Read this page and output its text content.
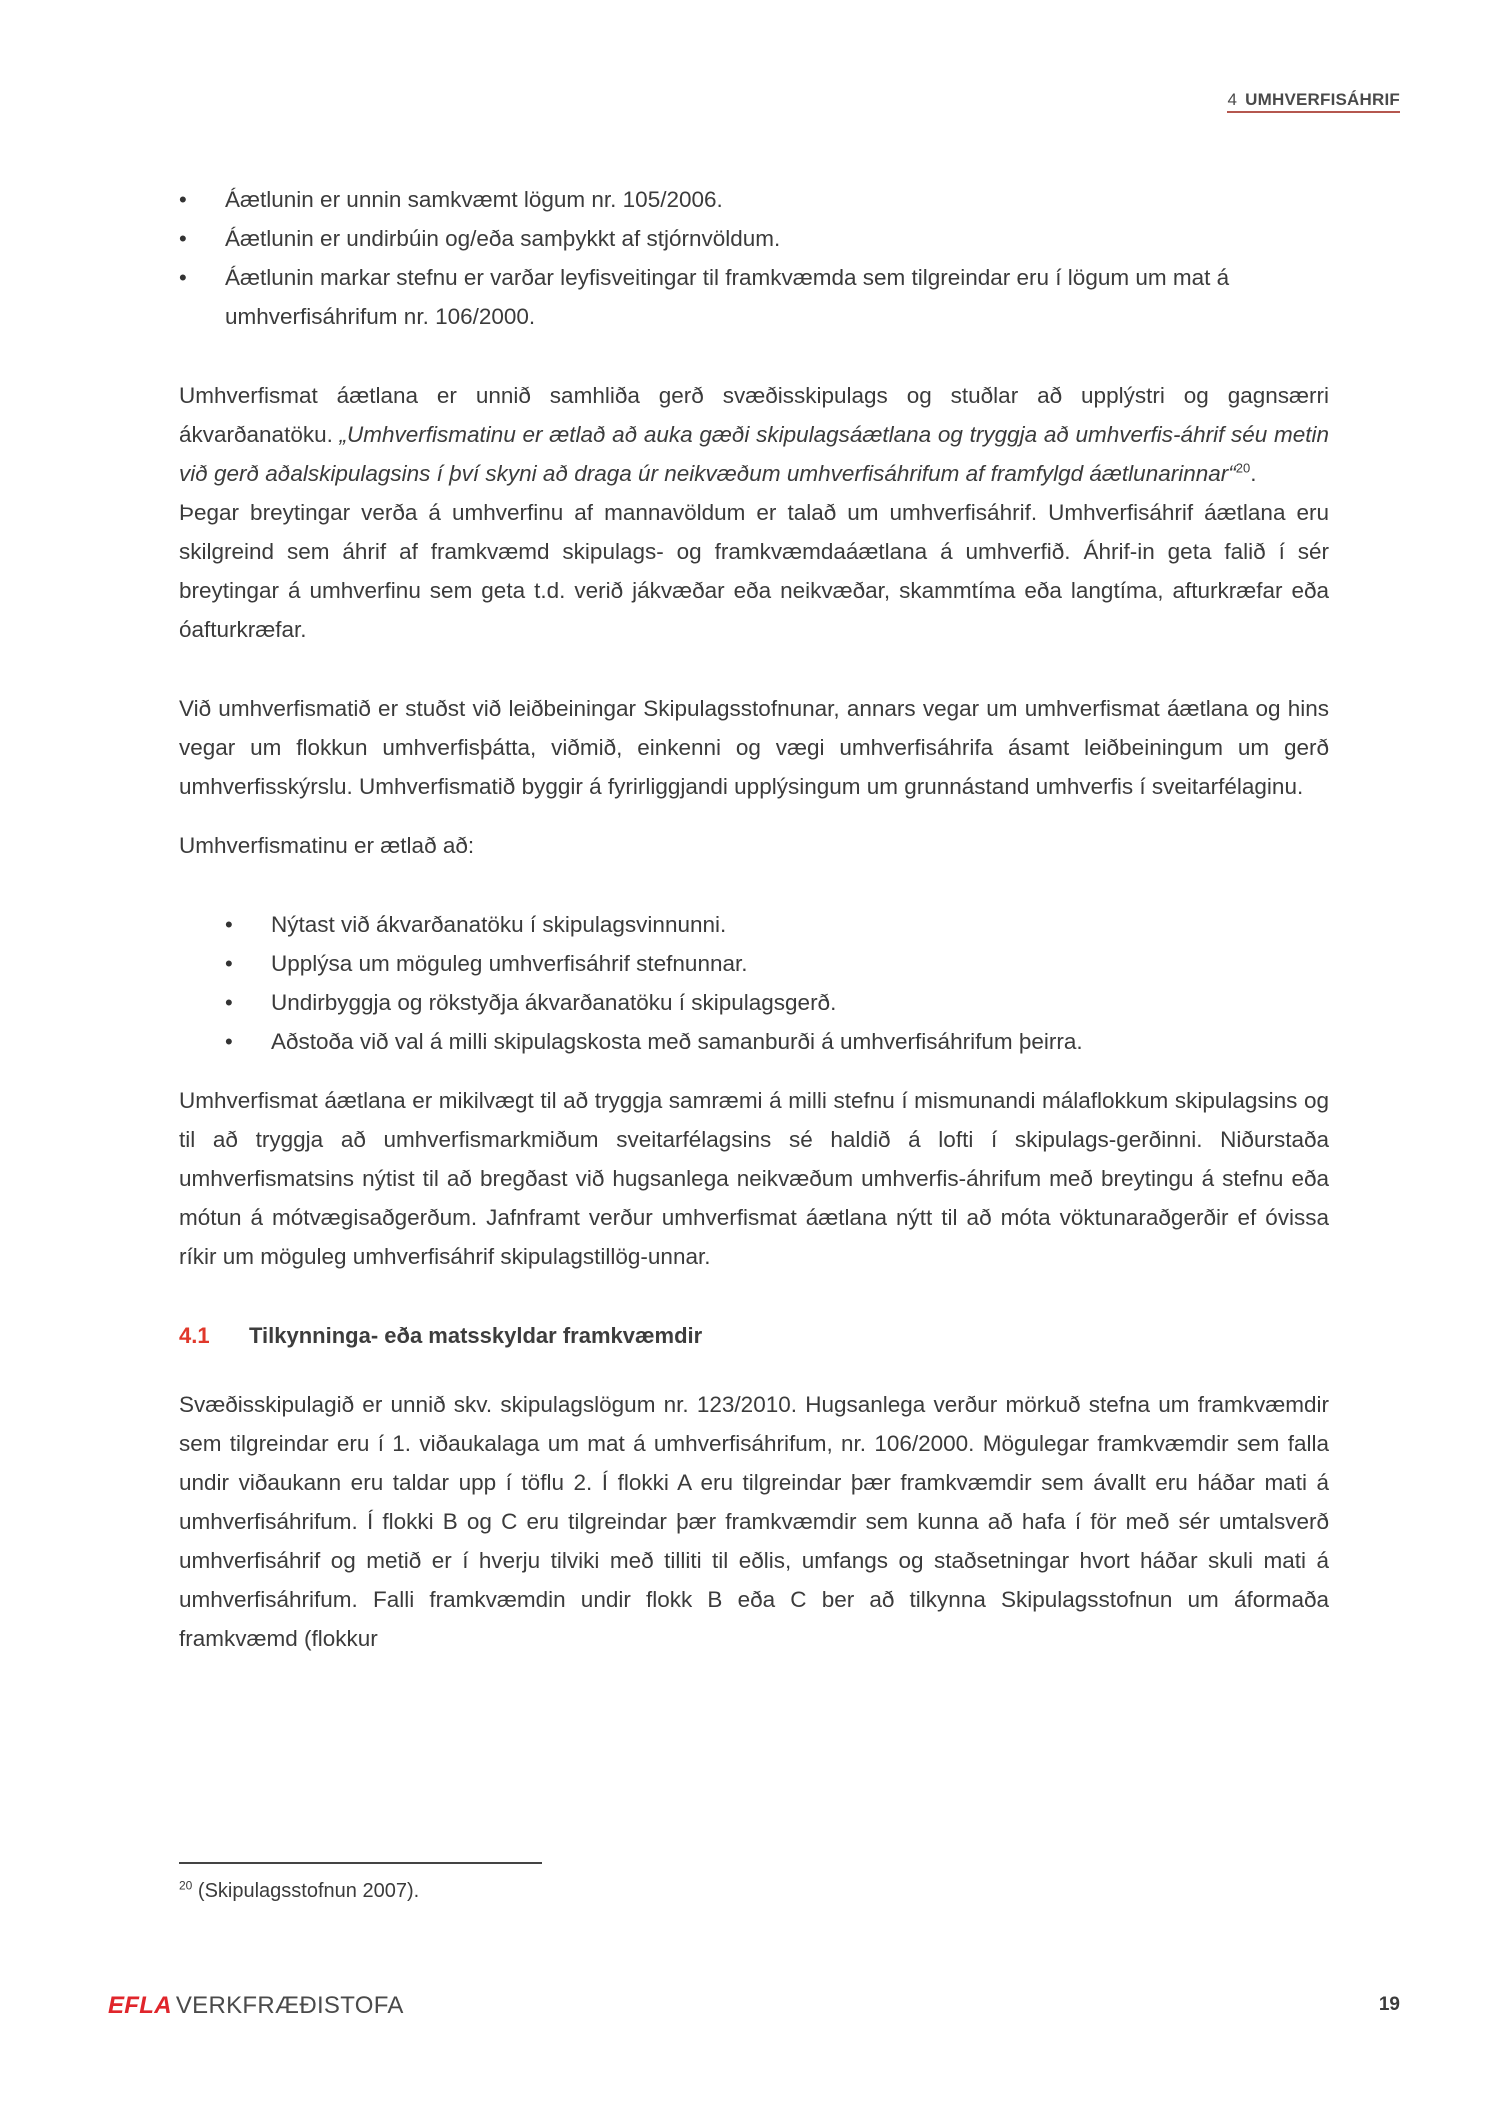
4 UMHVERFISÁHRIF
• Áætlunin er unnin samkvæmt lögum nr. 105/2006.
• Áætlunin er undirbúin og/eða samþykkt af stjórnvöldum.
• Áætlunin markar stefnu er varðar leyfisveitingar til framkvæmda sem tilgreindar eru í lögum um mat á umhverfisáhrifum nr. 106/2000.

Umhverfismat áætlana er unnið samhliða gerð svæðisskipulags og stuðlar að upplýstri og gagnsærri ákvarðanatöku. „Umhverfismatinu er ætlað að auka gæði skipulagsáætlana og tryggja að umhverfis-áhrif séu metin við gerð aðalskipulagsins í því skyni að draga úr neikvæðum umhverfisáhrifum af framfylgd áætlunarinnar“$^{20}$.

Þegar breytingar verða á umhverfinu af mannavöldum er talað um umhverfisáhrif. Umhverfisáhrif áætlana eru skilgreind sem áhrif af framkvæmd skipulags- og framkvæmdaáætlana á umhverfið. Áhrif-in geta falið í sér breytingar á umhverfinu sem geta t.d. verið jákvæðar eða neikvæðar, skammtíma eða langtíma, afturkræfar eða óafturkræfar.

Við umhverfismatið er stuðst við leiðbeiningar Skipulagsstofnunar, annars vegar um umhverfismat áætlana og hins vegar um flokkun umhverfisþátta, viðmið, einkenni og vægi umhverfisáhrifa ásamt leiðbeiningum um gerð umhverfisskýrslu. Umhverfismatið byggir á fyrirliggjandi upplýsingum um grunnástand umhverfis í sveitarfélaginu.

Umhverfismatinu er ætlað að:

• Nýtast við ákvarðanatöku í skipulagsvinnunni.
• Upplýsa um möguleg umhverfisáhrif stefnunnar.
• Undirbyggja og rökstyðja ákvarðanatöku í skipulagsgerð.
• Aðstoða við val á milli skipulagskosta með samanburði á umhverfisáhrifum þeirra.

Umhverfismat áætlana er mikilvægt til að tryggja samræmi á milli stefnu í mismunandi málaflokkum skipulagsins og til að tryggja að umhverfismarkmiðum sveitarfélagsins sé haldið á lofti í skipulags-gerðinni. Niðurstaða umhverfismatsins nýtist til að bregðast við hugsanlega neikvæðum umhverfis-áhrifum með breytingu á stefnu eða mótun á mótvægisaðgerðum. Jafnframt verður umhverfismat áætlana nýtt til að móta vöktunaraðgerðir ef óvissa ríkir um möguleg umhverfisáhrif skipulagstillög-unnar.

4.1 Tilkynninga- eða matsskyldar framkvæmdir

Svæðisskipulagið er unnið skv. skipulagslögum nr. 123/2010. Hugsanlega verður mörkuð stefna um framkvæmdir sem tilgreindar eru í 1. viðaukalaga um mat á umhverfisáhrifum, nr. 106/2000. Mögulegar framkvæmdir sem falla undir viðaukann eru taldar upp í töflu 2. Í flokki A eru tilgreindar þær framkvæmdir sem ávallt eru háðar mati á umhverfisáhrifum. Í flokki B og C eru tilgreindar þær framkvæmdir sem kunna að hafa í för með sér umtalsverð umhverfisáhrif og metið er í hverju tilviki með tilliti til eðlis, umfangs og staðsetningar hvort háðar skuli mati á umhverfisáhrifum. Falli framkvæmdin undir flokk B eða C ber að tilkynna Skipulagsstofnun um áformaða framkvæmd (flokkur

$^{20}$ (Skipulagsstofnun 2007).
EFLA VERKFRÆÐISTOFA	19
